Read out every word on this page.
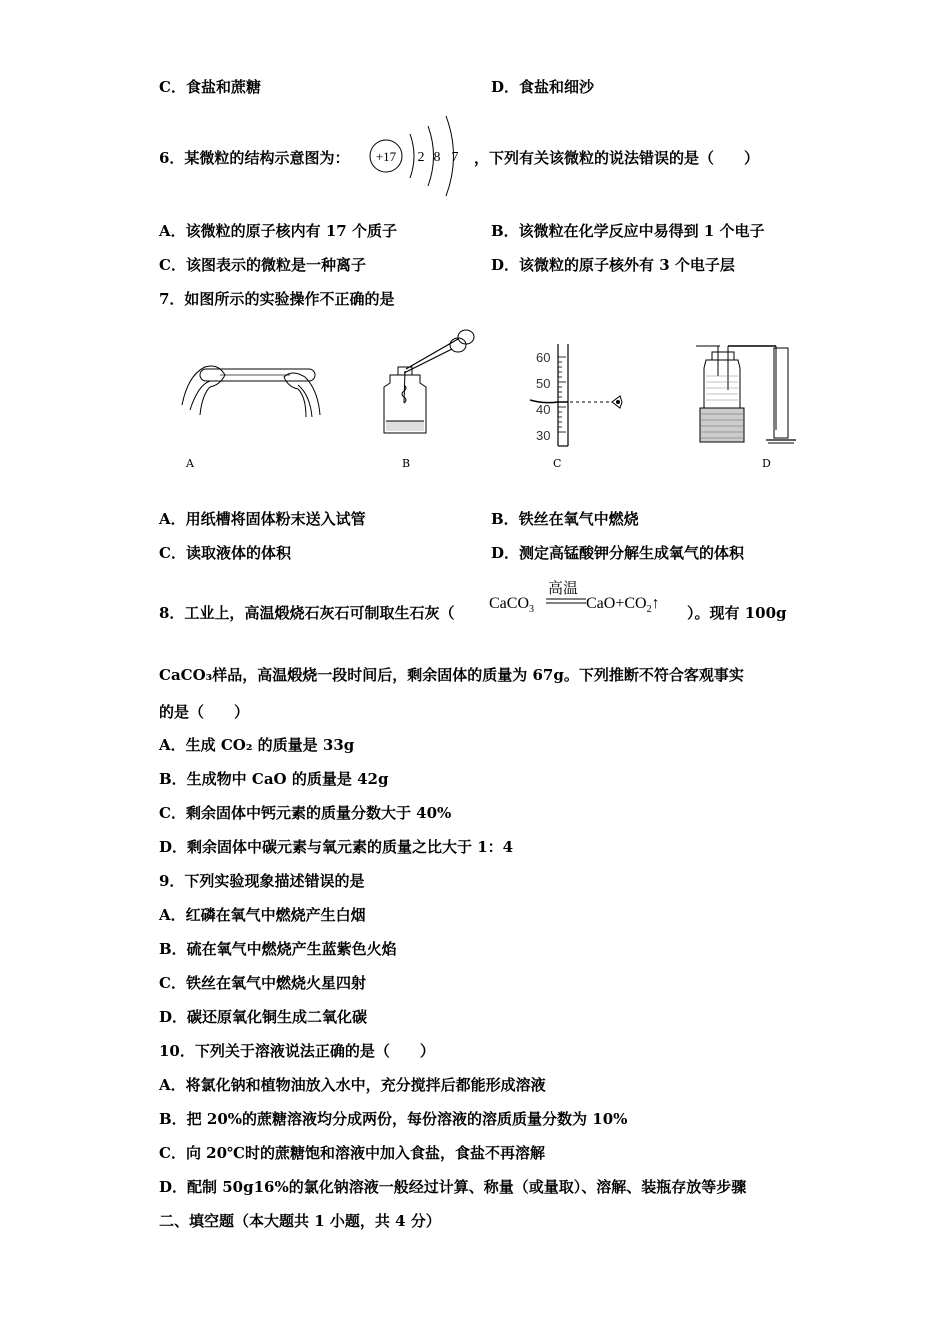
C．食盐和蔗糖	D．食盐和细沙
6．某微粒的结构示意图为： +17 2 8 7 ，下列有关该微粒的说法错误的是（　　）
A．该微粒的原子核内有 17 个质子	B．该微粒在化学反应中易得到 1 个电子
C．该图表示的微粒是一种离子	D．该微粒的原子核外有 3 个电子层
7．如图所示的实验操作不正确的是
A	B
60
50
40
30
C	D
A．用纸槽将固体粉末送入试管	B．铁丝在氧气中燃烧
C．读取液体的体积	D．测定高锰酸钾分解生成氧气的体积
8．工业上，高温煅烧石灰石可制取生石灰（
CaCO$_3$
高温
$CaO+CO_2↑$
）。现有 100g
CaCO₃样品，高温煅烧一段时间后，剩余固体的质量为 67g。下列推断不符合客观事实
的是（　　）
A．生成 CO₂ 的质量是 33g
B．生成物中 CaO 的质量是 42g
C．剩余固体中钙元素的质量分数大于 40%
D．剩余固体中碳元素与氧元素的质量之比大于 1：4
9．下列实验现象描述错误的是
A．红磷在氧气中燃烧产生白烟
B．硫在氧气中燃烧产生蓝紫色火焰
C．铁丝在氧气中燃烧火星四射
D．碳还原氧化铜生成二氧化碳
10．下列关于溶液说法正确的是（　　）
A．将氯化钠和植物油放入水中，充分搅拌后都能形成溶液
B．把 20%的蔗糖溶液均分成两份，每份溶液的溶质质量分数为 10%
C．向 20℃时的蔗糖饱和溶液中加入食盐，食盐不再溶解
D．配制 50g16%的氯化钠溶液一般经过计算、称量（或量取）、溶解、装瓶存放等步骤
二、填空题（本大题共 1 小题，共 4 分）
